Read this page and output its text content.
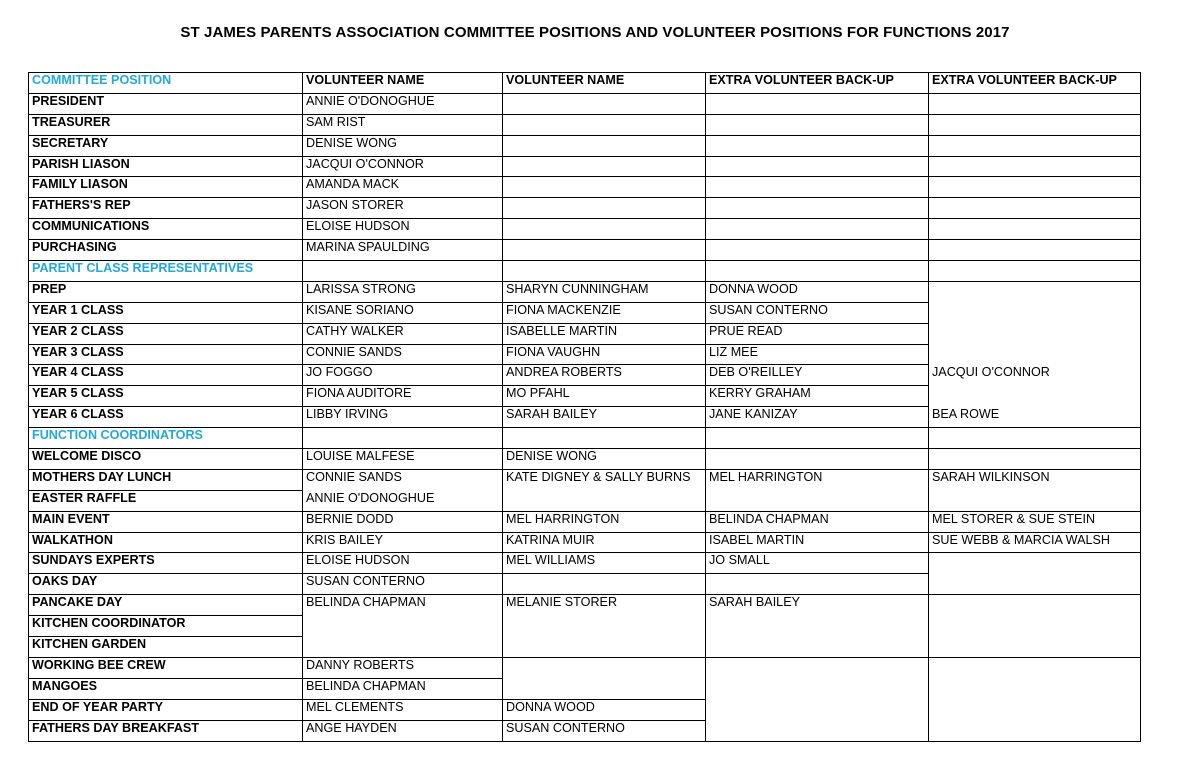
ST JAMES PARENTS ASSOCIATION COMMITTEE POSITIONS AND VOLUNTEER POSITIONS FOR FUNCTIONS 2017
COMMITTEE POSITION	VOLUNTEER NAME	VOLUNTEER NAME	EXTRA VOLUNTEER BACK-UP	EXTRA VOLUNTEER BACK-UP
PRESIDENT	ANNIE O'DONOGHUE			
TREASURER	SAM RIST			
SECRETARY	DENISE WONG			
PARISH LIASON	JACQUI O'CONNOR			
FAMILY LIASON	AMANDA MACK			
FATHERS'S REP	JASON STORER			
COMMUNICATIONS	ELOISE HUDSON			
PURCHASING	MARINA SPAULDING			
PARENT CLASS REPRESENTATIVES				
PREP	LARISSA STRONG	SHARYN CUNNINGHAM	DONNA WOOD	
YEAR 1 CLASS	KISANE SORIANO	FIONA MACKENZIE	SUSAN CONTERNO	
YEAR 2 CLASS	CATHY WALKER	ISABELLE MARTIN	PRUE READ	
YEAR 3 CLASS	CONNIE SANDS	FIONA VAUGHN	LIZ MEE	
YEAR 4 CLASS	JO FOGGO	ANDREA ROBERTS	DEB O'REILLEY	JACQUI O'CONNOR
YEAR 5 CLASS	FIONA AUDITORE	MO PFAHL	KERRY GRAHAM	
YEAR 6 CLASS	LIBBY IRVING	SARAH BAILEY	JANE KANIZAY	BEA ROWE
FUNCTION COORDINATORS				
WELCOME DISCO	LOUISE MALFESE	DENISE WONG		
MOTHERS DAY LUNCH	CONNIE SANDS	KATE DIGNEY & SALLY BURNS	MEL HARRINGTON	SARAH WILKINSON
EASTER RAFFLE	ANNIE O'DONOGHUE			
MAIN EVENT	BERNIE DODD	MEL HARRINGTON	BELINDA CHAPMAN	MEL STORER & SUE STEIN
WALKATHON	KRIS BAILEY	KATRINA MUIR	ISABEL MARTIN	SUE WEBB & MARCIA WALSH
SUNDAYS EXPERTS	ELOISE HUDSON	MEL WILLIAMS	JO SMALL	
OAKS DAY	SUSAN CONTERNO			
PANCAKE DAY	BELINDA CHAPMAN	MELANIE STORER	SARAH BAILEY	
KITCHEN COORDINATOR				
KITCHEN GARDEN				
WORKING BEE CREW	DANNY ROBERTS			
MANGOES	BELINDA CHAPMAN			
END OF YEAR PARTY	MEL CLEMENTS	DONNA WOOD		
FATHERS DAY BREAKFAST	ANGE HAYDEN	SUSAN CONTERNO		
